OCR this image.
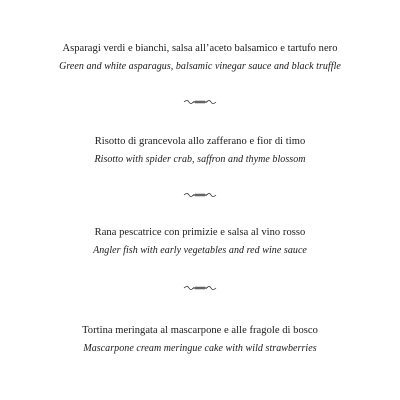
Asparagi verdi e bianchi, salsa all’aceto balsamico e tartufo nero
Green and white asparagus, balsamic vinegar sauce and black truffle
Risotto di grancevola allo zafferano e fior di timo
Risotto with spider crab, saffron and thyme blossom
Rana pescatrice con primizie e salsa al vino rosso
Angler fish with early vegetables and red wine sauce
Tortina meringata al mascarpone e alle fragole di bosco
Mascarpone cream meringue cake with wild strawberries
